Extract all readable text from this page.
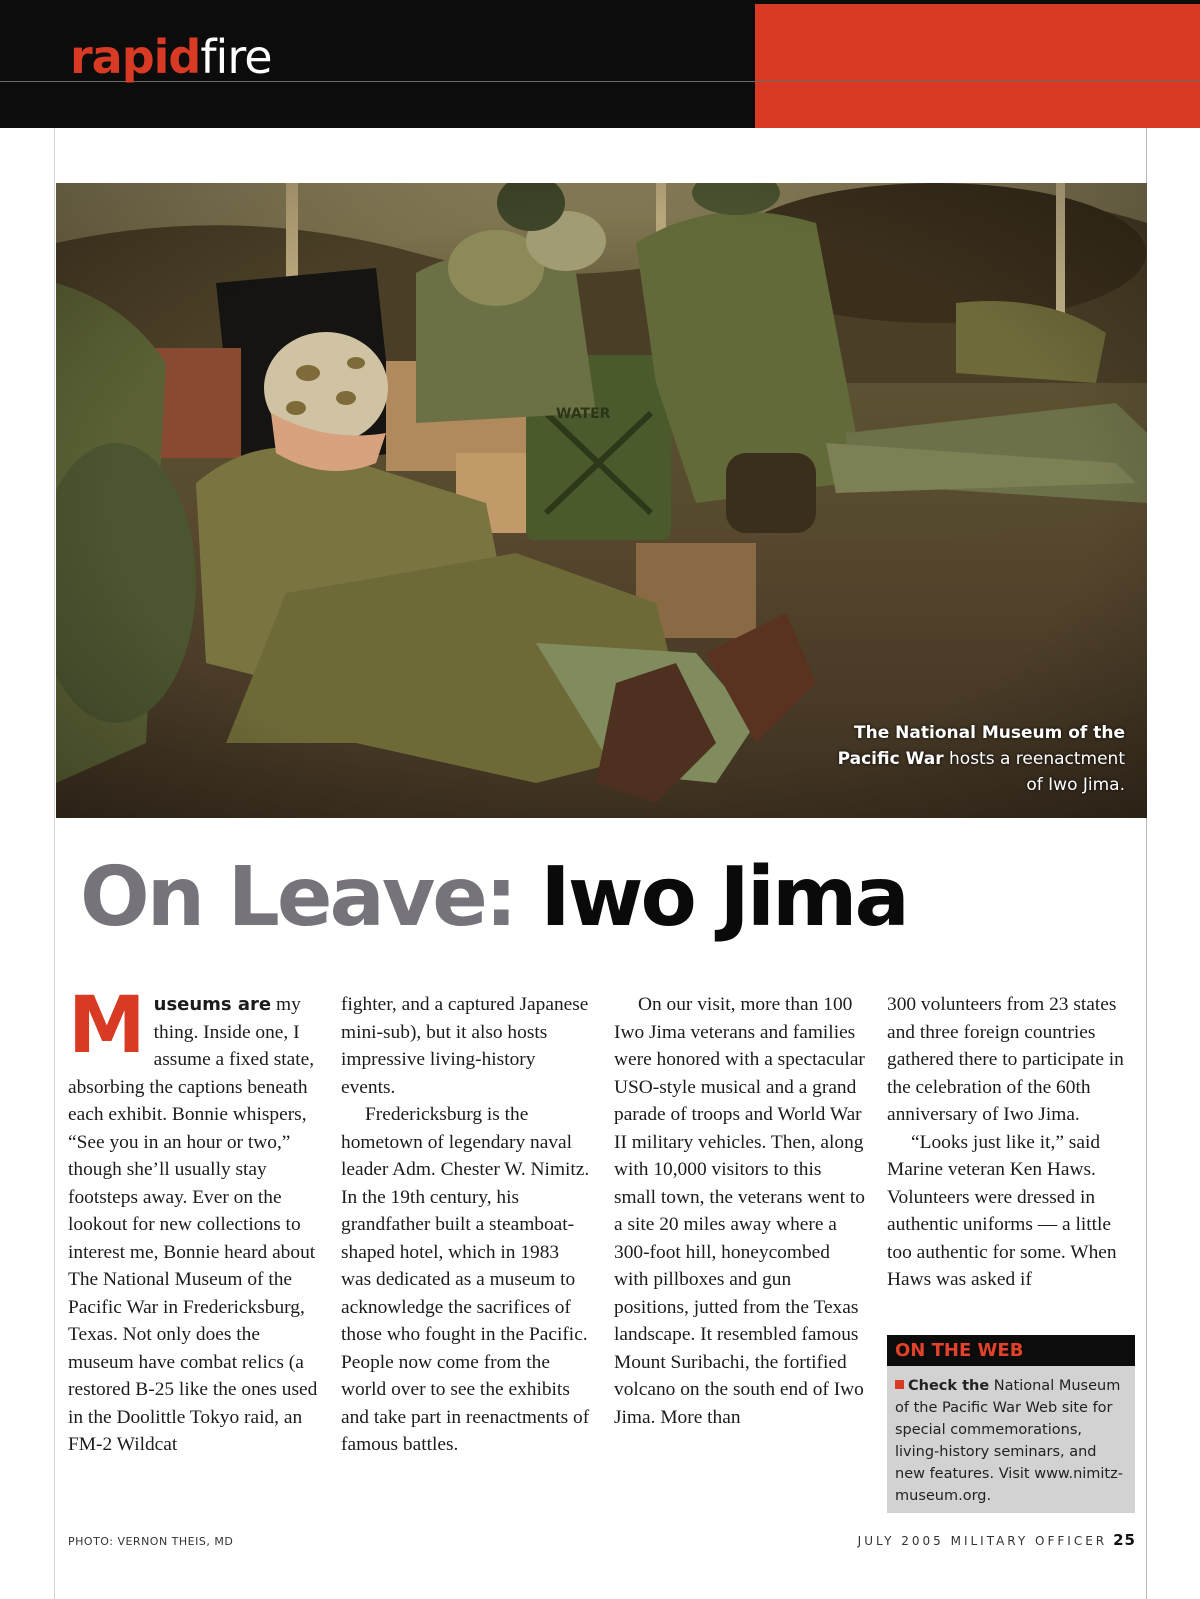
rapidfire
WATER
The National Museum of the Pacific War hosts a reenactment of Iwo Jima.
On Leave: Iwo Jima

Museums are my thing. Inside one, I assume a fixed state, absorbing the captions beneath each exhibit. Bonnie whispers, “See you in an hour or two,” though she’ll usually stay footsteps away. Ever on the lookout for new collections to interest me, Bonnie heard about The National Museum of the Pacific War in Fredericksburg, Texas. Not only does the museum have combat relics (a restored B-25 like the ones used in the Doolittle Tokyo raid, an FM-2 Wildcat

fighter, and a captured Japanese mini-sub), but it also hosts impressive living-history events.

Fredericksburg is the hometown of legendary naval leader Adm. Chester W. Nimitz. In the 19th century, his grandfather built a steamboat-shaped hotel, which in 1983 was dedicated as a museum to acknowledge the sacrifices of those who fought in the Pacific. People now come from the world over to see the exhibits and take part in reenactments of famous battles.

On our visit, more than 100 Iwo Jima veterans and families were honored with a spectacular USO-style musical and a grand parade of troops and World War II military vehicles. Then, along with 10,000 visitors to this small town, the veterans went to a site 20 miles away where a 300-foot hill, honeycombed with pillboxes and gun positions, jutted from the Texas landscape. It resembled famous Mount Suribachi, the fortified volcano on the south end of Iwo Jima. More than

300 volunteers from 23 states and three foreign countries gathered there to participate in the celebration of the 60th anniversary of Iwo Jima.

“Looks just like it,” said Marine veteran Ken Haws. Volunteers were dressed in authentic uniforms — a little too authentic for some. When Haws was asked if

ON THE WEB
Check the National Museum of the Pacific War Web site for special commemorations, living-history seminars, and new features. Visit www.nimitz-museum.org.
PHOTO: VERNON THEIS, MD	JULY 2005 MILITARY OFFICER 25
